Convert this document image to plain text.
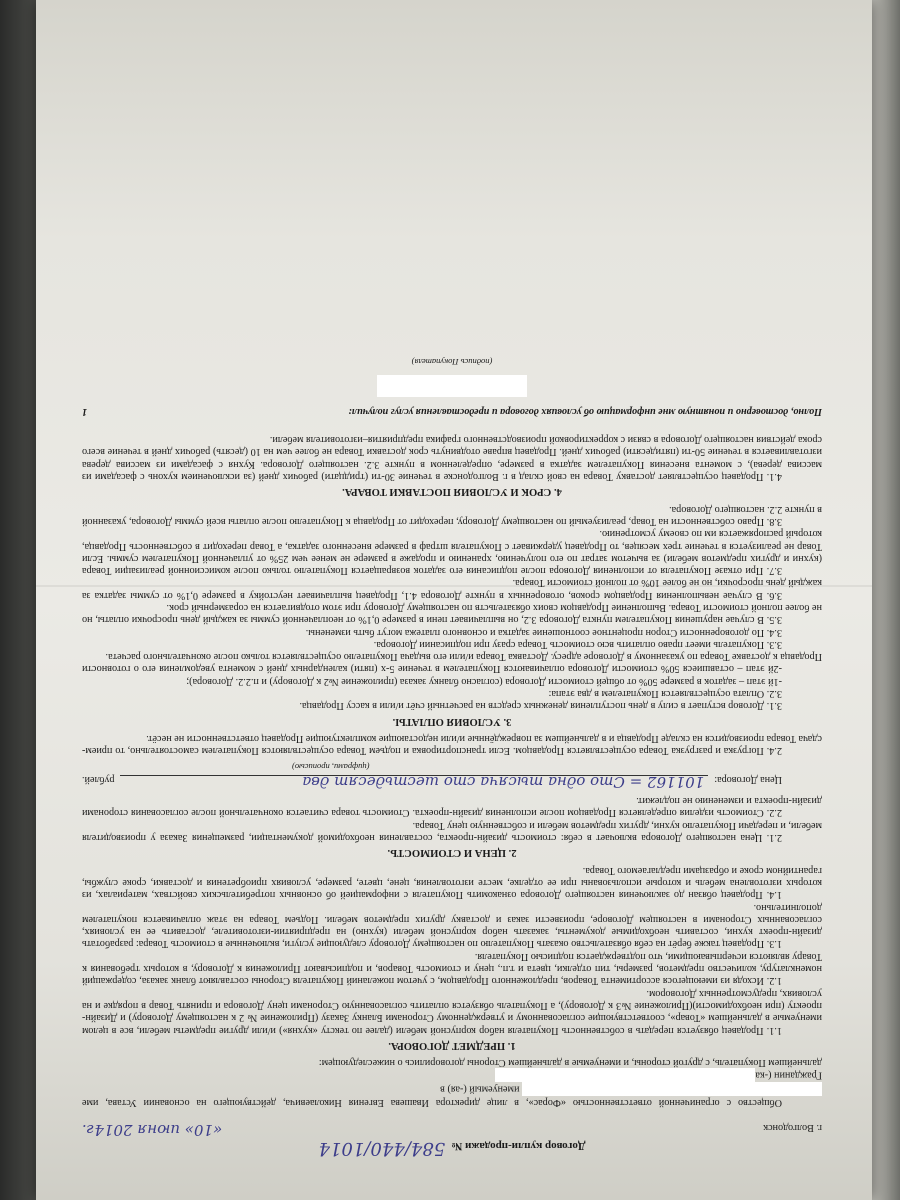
Договор купли-продажи №
584/440/1014
г. Волгодонск
«10» июня 2014г.

Общество с ограниченной ответственностью «Форас», в лице директора Ивашева Евгения Николаевича, действующего на основании Устава, име именуемый (-ая) в

Гражданин (-ка

дальнейшем Покупатель, с другой стороны, и именуемые в дальнейшем Стороны договорились о нижеследующем:

1. ПРЕДМЕТ ДОГОВОРА.

1.1. Продавец обязуется передать в собственность Покупателя набор корпусной мебели (далее по тексту «кухня») и/или другие предметы мебели, все в целом именуемые в дальнейшем «Товар», соответствующие согласованному и утвержденному Сторонами Бланку Заказу (Приложение № 2 к настоящему Договору) и Дизайн-проекту (при необходимости)(Приложение №3 к Договору), а Покупатель обязуется оплатить согласованную Сторонами цену Договора и принять Товар в порядке и на условиях, предусмотренных Договором.

1.2. Исходя из имеющегося ассортимента Товаров, предложенного Продавцом, с учетом пожеланий Покупателя Стороны составляют бланк заказа, содержащий номенклатуру, количество предметов, размеры, тип отделки, цвета и т.п., цену и стоимость Товаров, и подписывают Приложения к Договору, в которых требования к Товару являются исчерпывающими, что подтверждается подписью Покупателя.

1.3. Продавец также берёт на себя обязательство оказать Покупателю по настоящему Договору следующие услуги, включенные в стоимость Товара: разработать дизайн-проект кухни, составить необходимые документы, заказать набор корпусной мебели (кухню) на предприятии-изготовителе, доставить ее на условиях, согласованных Сторонами в настоящем Договоре, произвести заказ и доставку других предметов мебели. Подъем Товара на этаж оплачивается покупателем дополнительно.

1.4. Продавец обязан до заключения настоящего Договора ознакомить Покупателя с информацией об основных потребительских свойствах, материалах, из которых изготовлена мебель и которые использованы при ее отделке, месте изготовления, цене, цвете, размере, условиях приобретения и доставки, сроке службы, гарантийном сроке и образцами предлагаемого Товара.

2. ЦЕНА И СТОИМОСТЬ.

2.1. Цена настоящего Договора включает в себя: стоимость дизайн-проекта, составления необходимой документации, размещения Заказа у производителя мебели, и передачи Покупателю кухни, других предметов мебели и собственную цену Товара.

2.2. Стоимость изделия определяется Продавцом после исполнения дизайн-проекта. Стоимость товара считается окончательной после согласования сторонами дизайн-проекта и изменению не подлежит.

Цена Договора:
101162 = Сто одна тысяча сто шестьдесят два
рублей.
(цифрами, прописью)

2.4. Погрузка и разгрузка Товара осуществляется Продавцом. Если транспортировка и подъем Товара осуществляются Покупателем самостоятельно, то прием-сдача Товара производится на складе Продавца и в дальнейшем за повреждённые и/или недостающие комплектующие Продавец ответственности не несёт.

3. УСЛОВИЯ ОПЛАТЫ.

3.1. Договор вступает в силу в день поступления денежных средств на расчетный счёт и/или в кассу Продавца.

3.2. Оплата осуществляется Покупателем в два этапа:

-1й этап – задаток в размере 50% от общей стоимости Договора (согласно бланку заказа (приложение №2 к Договору) и п.2.2. Договора);

-2й этап – оставшиеся 50% стоимости Договора оплачиваются Покупателем в течение 5-х (пяти) календарных дней с момента уведомления его о готовности Продавца к доставке Товара по указанному в Договоре адресу. Доставка Товара и/или его выдача Покупателю осуществляется только после окончательного расчета.

3.3. Покупатель имеет право оплатить всю стоимость Товара сразу при подписании Договора.

3.4. По договоренности Сторон процентное соотношение задатка и основного платежа могут быть изменены.

3.5. В случае нарушения Покупателем пункта Договора 3.2, он выплачивает пени в размере 0,1% от неоплаченной суммы за каждый день просрочки оплаты, но не более полной стоимости Товара. Выполнение Продавцом своих обязательств по настоящему Договору при этом отодвигается на соразмерный срок.

3.6. В случае невыполнения Продавцом сроков, оговоренных в пункте Договора 4.1, Продавец выплачивает неустойку в размере 0,1% от суммы задатка за каждый день просрочки, но не более 10% от полной стоимости Товара.

3.7. При отказе Покупателя от исполнения Договора после подписания его задаток возвращается Покупателю только после комиссионной реализации Товара (кухни и других предметов мебели) за вычетом затрат по его получению, хранению и продаже в размере не менее чем 25% от уплаченной Покупателем суммы. Если Товар не реализуется в течение трех месяцев, то Продавец удерживает с Покупателя штраф в размере внесенного задатка, а Товар переходит в собственность Продавца, который распоряжается им по своему усмотрению.

3.8. Право собственности на Товар, реализуемый по настоящему Договору, переходит от Продавца к Покупателю после оплаты всей суммы Договора, указанной в пункте 2.2. настоящего Договора.

4. СРОК И УСЛОВИЯ ПОСТАВКИ ТОВАРА.

4.1. Продавец осуществляет доставку Товара на свой склад в г. Волгодонске в течение 30-ти (тридцати) рабочих дней (за исключением кухонь с фасадами из массива дерева), с момента внесения Покупателем задатка в размере, определенном в пункте 3.2. настоящего Договора. Кухня с фасадами из массива дерева изготавливается в течение 50-ти (пятидесяти) рабочих дней. Продавец вправе отодвинуть срок доставки Товара не более чем на 10 (десять) рабочих дней в течение всего срока действия настоящего Договора в связи с корректировкой производственного графика предприятия–изготовителя мебели.

Полно, достоверно и понятную мне информацию об условиях договора и предоставления услуг получил:
1
(подпись Покупателя)
